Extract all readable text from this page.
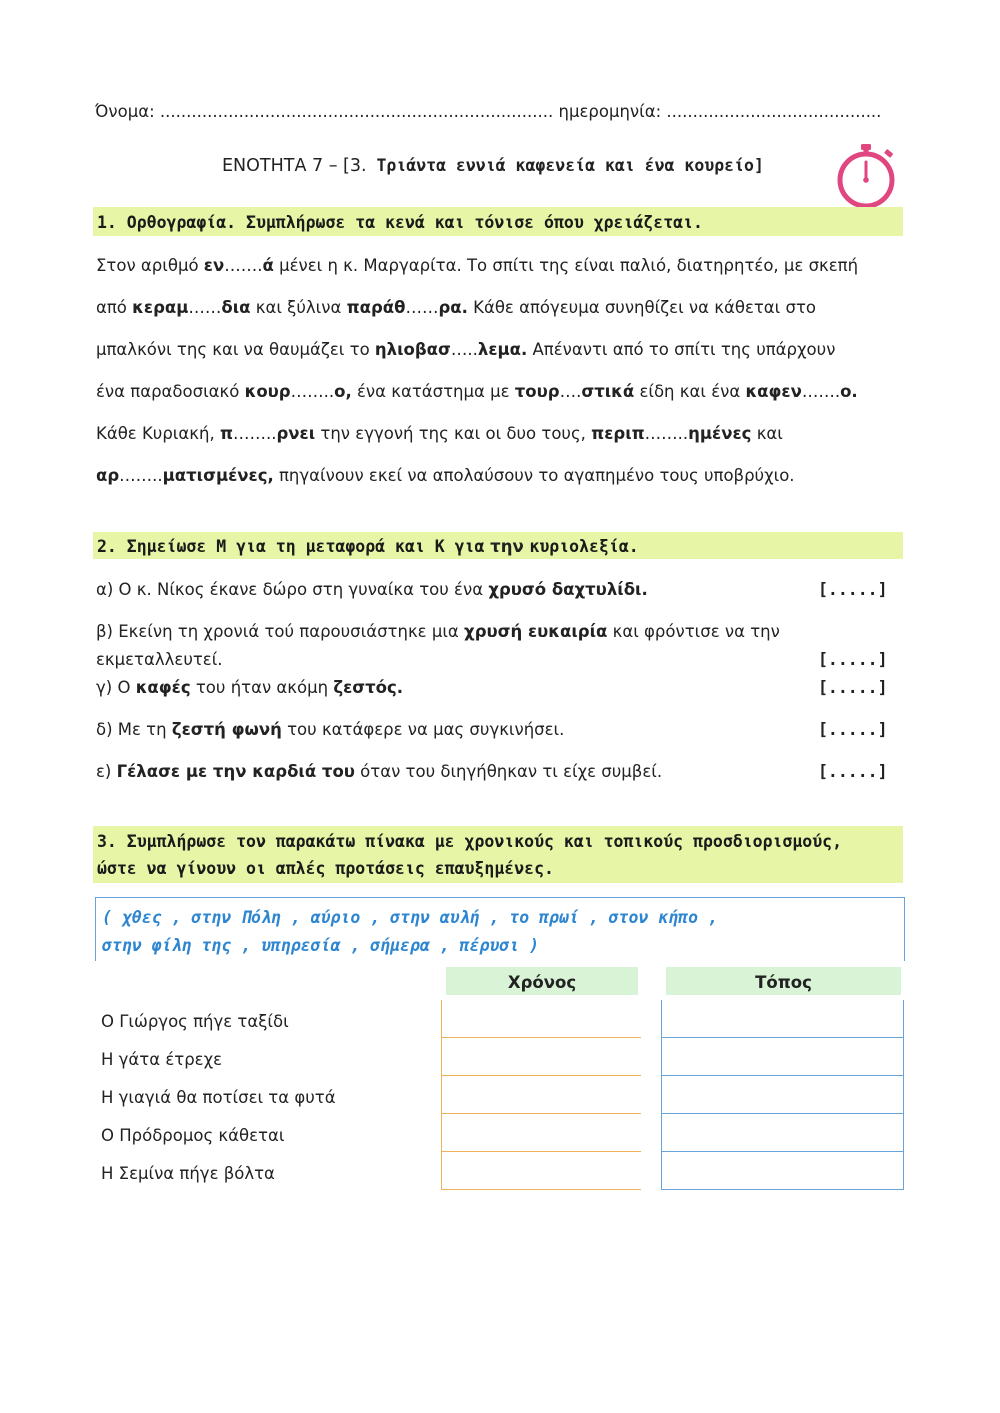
Όνομα: ........................................................................... ημερομηνία: .........................................
ΕΝΟΤΗΤΑ 7 – [3. Τριάντα εννιά καφενεία και ένα κουρείο]
1. Ορθογραφία. Συμπλήρωσε τα κενά και τόνισε όπου χρειάζεται.
Στον αριθμό εν…….ά μένει η κ. Μαργαρίτα. Το σπίτι της είναι παλιό, διατηρητέο, με σκεπή
από κεραμ……δια και ξύλινα παράθ……ρα. Κάθε απόγευμα συνηθίζει να κάθεται στο
μπαλκόνι της και να θαυμάζει το ηλιοβασ…..λεμα. Απέναντι από το σπίτι της υπάρχουν
ένα παραδοσιακό κουρ……..ο, ένα κατάστημα με τουρ….στικά είδη και ένα καφεν…….ο.
Κάθε Κυριακή, π……..ρνει την εγγονή της και οι δυο τους, περιπ……..ημένες και
αρ……..ματισμένες, πηγαίνουν εκεί να απολαύσουν το αγαπημένο τους υποβρύχιο.
2. Σημείωσε Μ για τη μεταφορά και Κ για την κυριολεξία.
α) Ο κ. Νίκος έκανε δώρο στη γυναίκα του ένα χρυσό δαχτυλίδι.
β) Εκείνη τη χρονιά τού παρουσιάστηκε μια χρυσή ευκαιρία και φρόντισε να την
εκμεταλλευτεί.
γ) Ο καφές του ήταν ακόμη ζεστός.
δ) Με τη ζεστή φωνή του κατάφερε να μας συγκινήσει.
ε) Γέλασε με την καρδιά του όταν του διηγήθηκαν τι είχε συμβεί.
[.....]
[.....]
[.....]
[.....]
[.....]
3. Συμπλήρωσε τον παρακάτω πίνακα με χρονικούς και τοπικούς προσδιορισμούς,
ώστε να γίνουν οι απλές προτάσεις επαυξημένες.
( χθες , στην Πόλη , αύριο , στην αυλή , το πρωί , στον κήπο ,
στην φίλη της , υπηρεσία , σήμερα , πέρυσι )
Χρόνος	Τόπος
Ο Γιώργος πήγε ταξίδι
Η γάτα έτρεχε
Η γιαγιά θα ποτίσει τα φυτά
Ο Πρόδρομος κάθεται
Η Σεμίνα πήγε βόλτα
